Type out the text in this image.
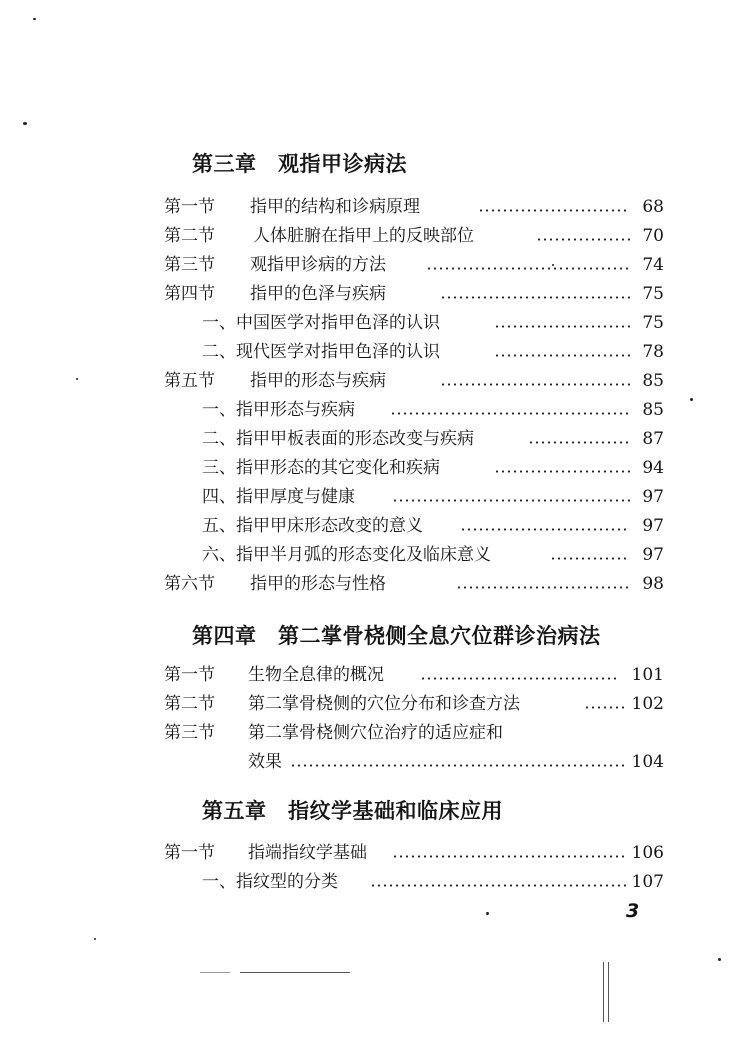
第三章　观指甲诊病法
第四章　第二掌骨桡侧全息穴位群诊治病法
第五章　指纹学基础和临床应用
第一节 指甲的结构和诊病原理	68
第二节 人体脏腑在指甲上的反映部位	70
第三节 观指甲诊病的方法	74
第四节 指甲的色泽与疾病	75
一、中国医学对指甲色泽的认识	75
二、现代医学对指甲色泽的认识	78
第五节 指甲的形态与疾病	85
一、指甲形态与疾病	85
二、指甲甲板表面的形态改变与疾病	87
三、指甲形态的其它变化和疾病	94
四、指甲厚度与健康	97
五、指甲甲床形态改变的意义	97
六、指甲半月弧的形态变化及临床意义	97
第六节 指甲的形态与性格	98
第一节 生物全息律的概况	101
第二节 第二掌骨桡侧的穴位分布和诊查方法	102
第三节 第二掌骨桡侧穴位治疗的适应症和
效果	104
第一节 指端指纹学基础	106
一、指纹型的分类	107
3
